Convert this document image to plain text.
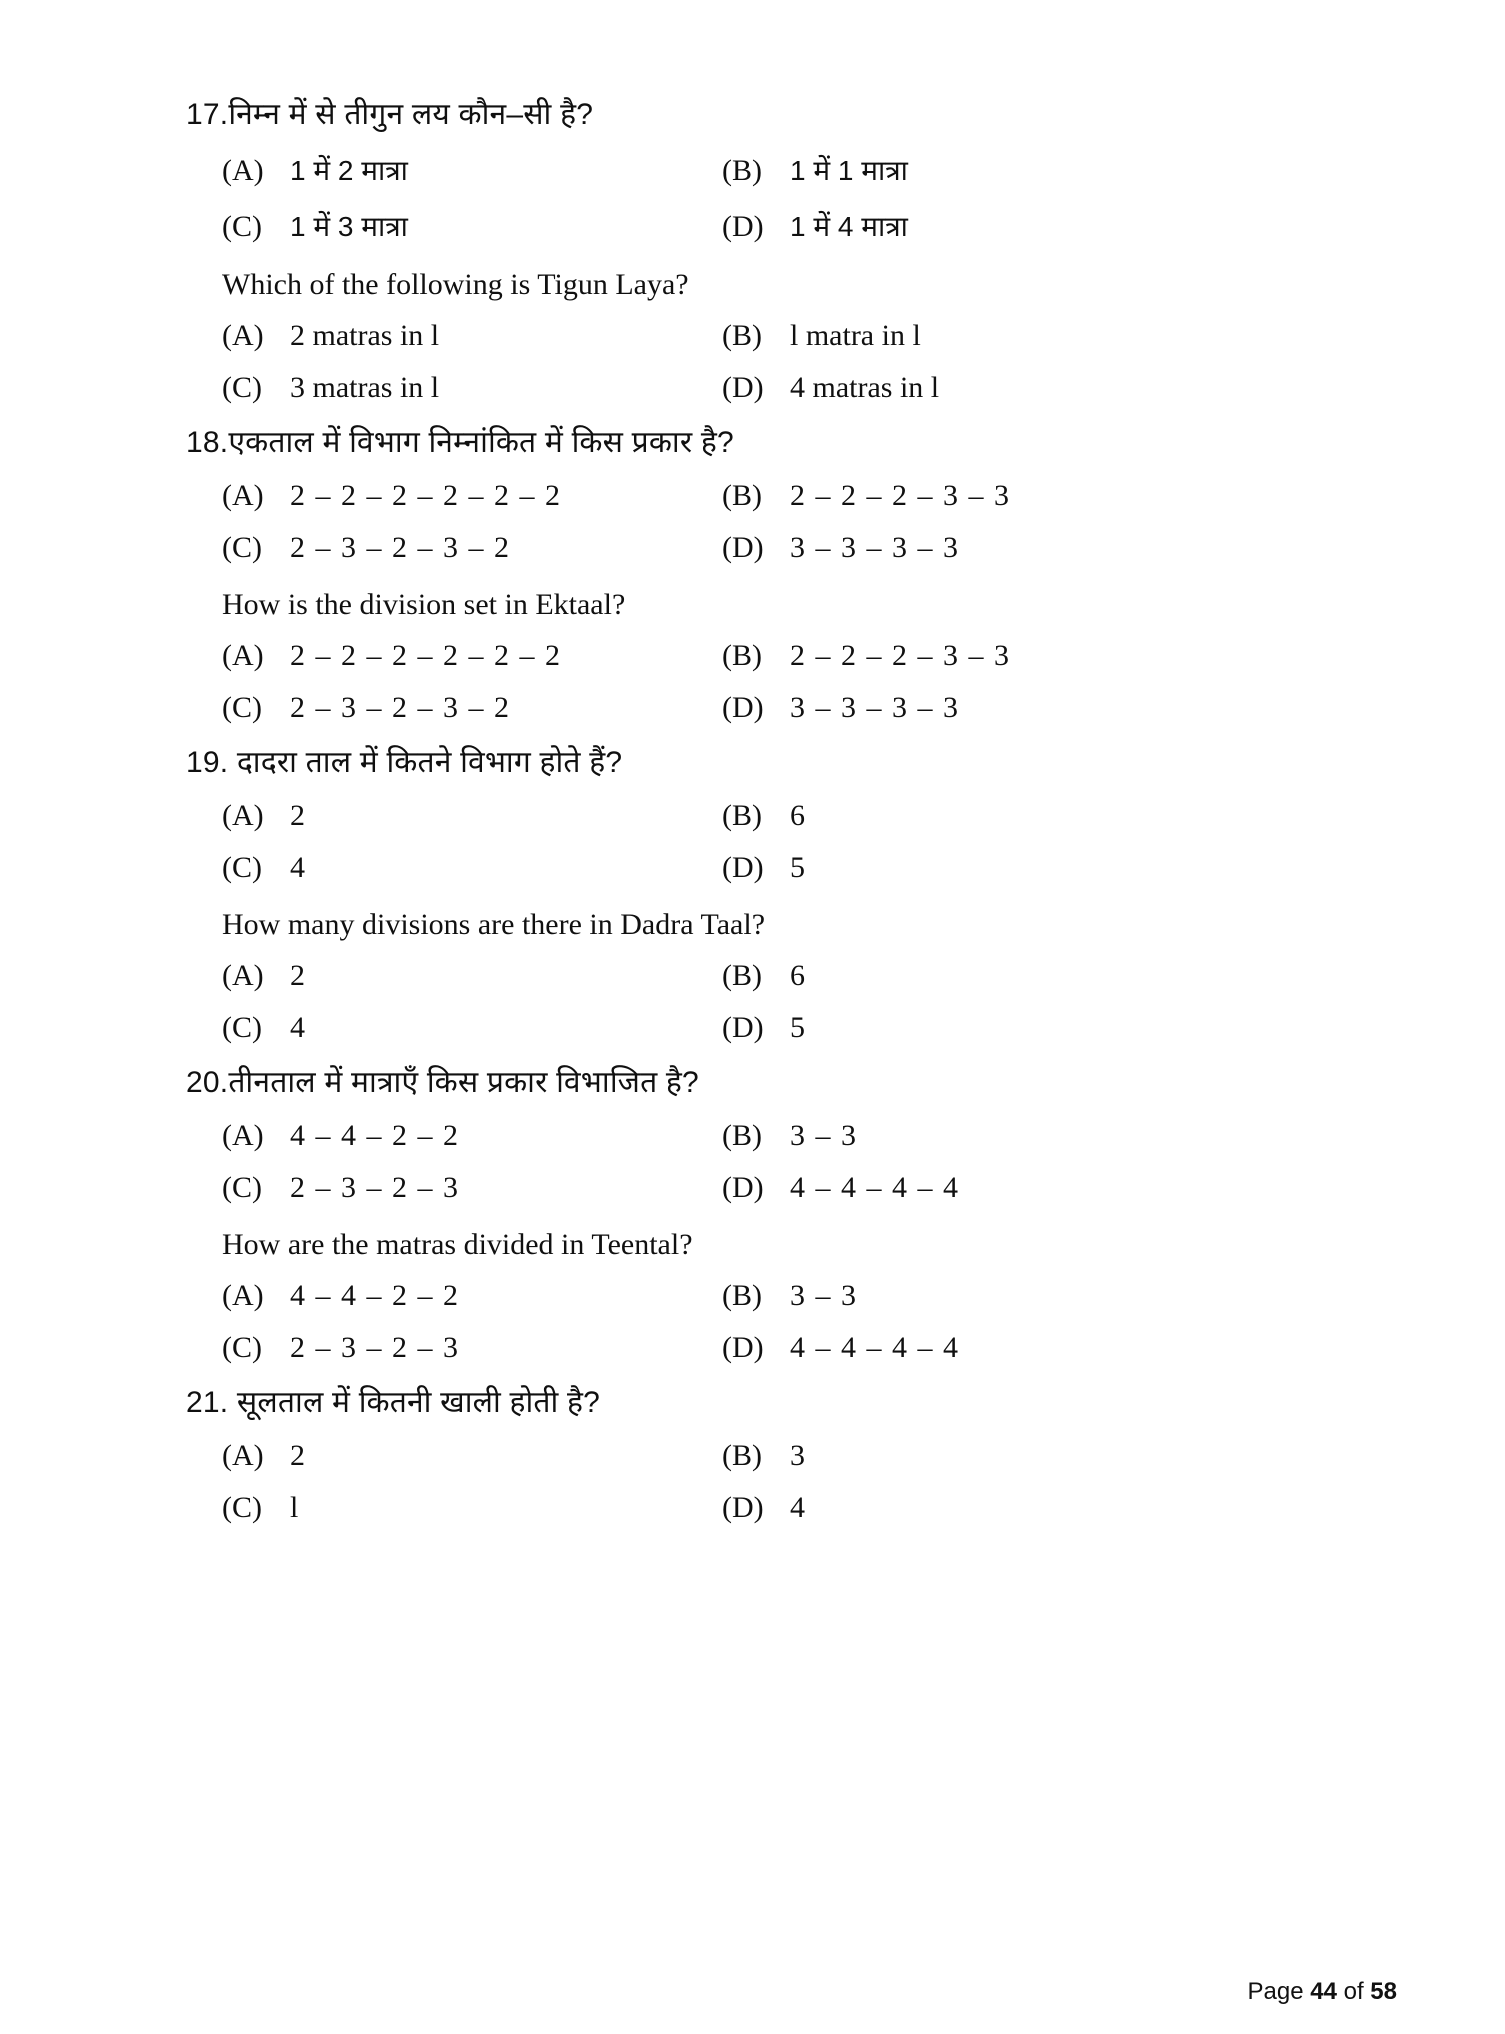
17.निम्न में से तीगुन लय कौन–सी है?
(A) 1 में 2 मात्रा	(B)	1 में 1 मात्रा
(C)	1 में 3 मात्रा	(D) 1 में 4 मात्रा
Which of the following is Tigun Laya?
(A) 2 matras in l	(B) l matra in l
(C) 3 matras in l	(D) 4 matras in l
18.एकताल में विभाग निम्नांकित में किस प्रकार है?
(A) 2 – 2 – 2 – 2 – 2 – 2	(B) 2 – 2 – 2 – 3 – 3
(C) 2 – 3 – 2 – 3 – 2	(D) 3 – 3 – 3 – 3
How is the division set in Ektaal?
(A) 2 – 2 – 2 – 2 – 2 – 2	(B) 2 – 2 – 2 – 3 – 3
(C) 2 – 3 – 2 – 3 – 2	(D) 3 – 3 – 3 – 3
19. दादरा ताल में कितने विभाग होते हैं?
(A) 2	(B) 6
(C) 4	(D) 5
How many divisions are there in Dadra Taal?
(A) 2	(B) 6
(C) 4	(D) 5
20.तीनताल में मात्राएँ किस प्रकार विभाजित है?
(A) 4 – 4 – 2 – 2	(B) 3 – 3
(C) 2 – 3 – 2 – 3	(D) 4 – 4 – 4 – 4
How are the matras divided in Teental?
(A) 4 – 4 – 2 – 2	(B) 3 – 3
(C) 2 – 3 – 2 – 3	(D) 4 – 4 – 4 – 4
21. सूलताल में कितनी खाली होती है?
(A) 2	(B) 3
(C) l	(D) 4
Page 44 of 58
